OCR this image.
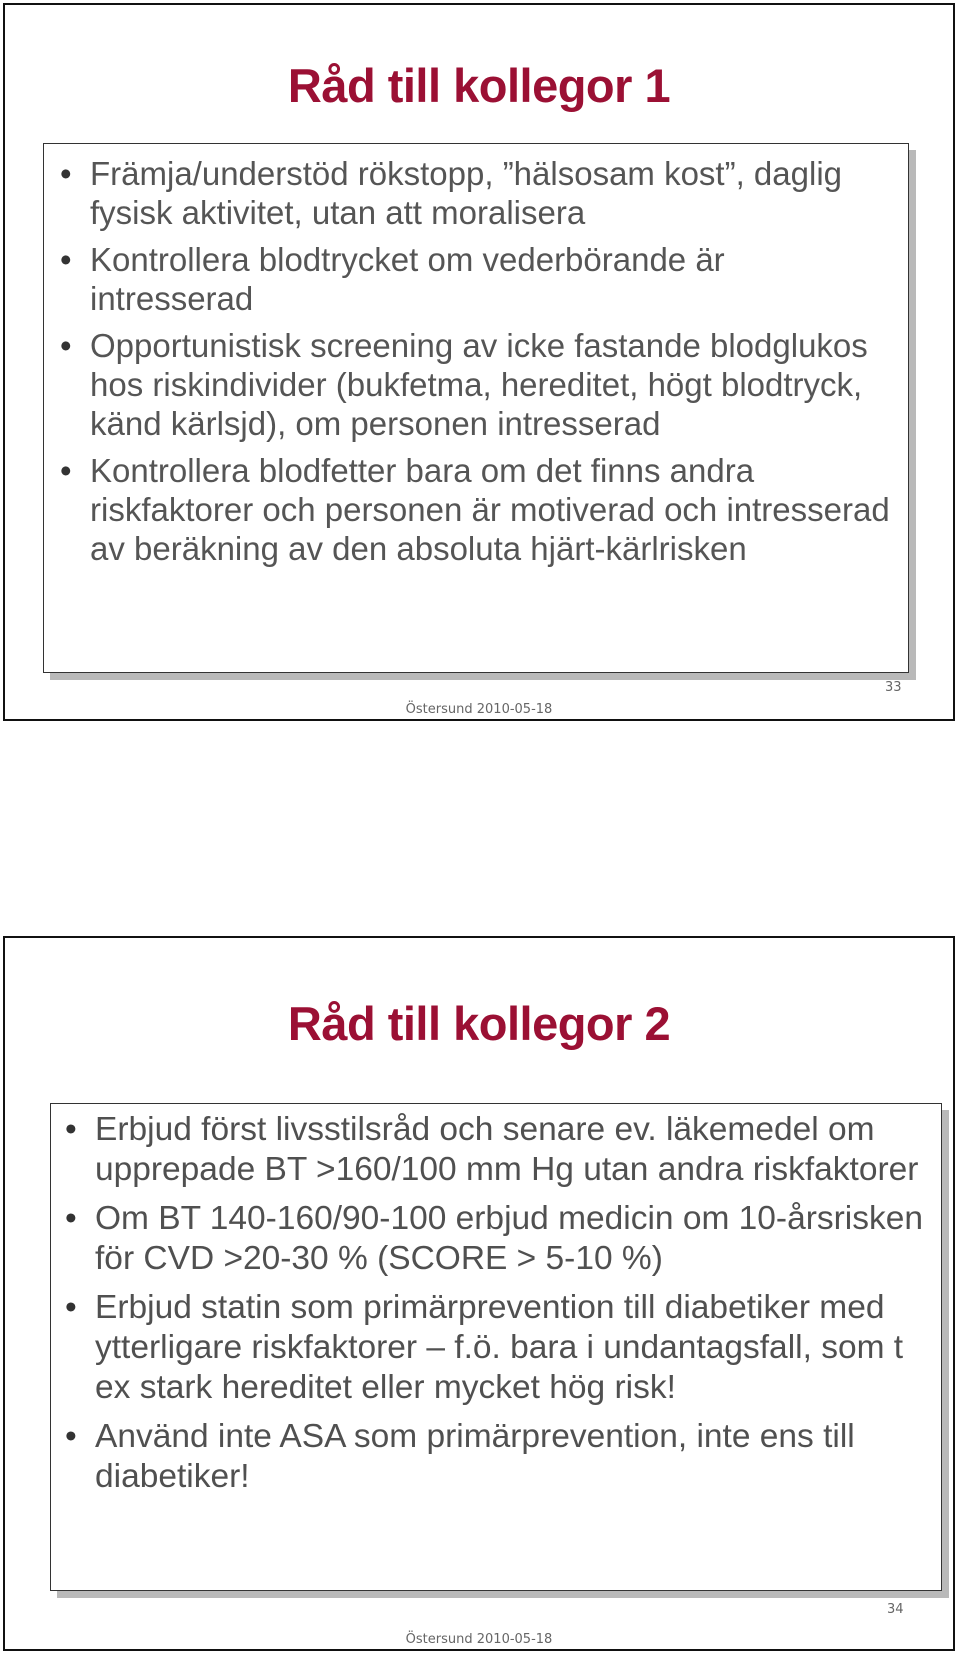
Råd till kollegor 1
• Främja/understöd rökstopp, ”hälsosam kost”, daglig fysisk aktivitet, utan att moralisera
• Kontrollera blodtrycket om vederbörande är intresserad
• Opportunistisk screening av icke fastande blodglukos hos riskindivider (bukfetma, hereditet, högt blodtryck, känd kärlsjd), om personen intresserad
• Kontrollera blodfetter bara om det finns andra riskfaktorer och personen är motiverad och intresserad av beräkning av den absoluta hjärt-kärlrisken
33
Östersund 2010-05-18
Råd till kollegor 2
• Erbjud först livsstilsråd och senare ev. läkemedel om upprepade BT >160/100 mm Hg utan andra riskfaktorer
• Om BT 140-160/90-100 erbjud medicin om 10-årsrisken för CVD >20-30 % (SCORE > 5-10 %)
• Erbjud statin som primärprevention till diabetiker med ytterligare riskfaktorer – f.ö. bara i undantagsfall, som t ex stark hereditet eller mycket hög risk!
• Använd inte ASA som primärprevention, inte ens till diabetiker!
34
Östersund 2010-05-18
